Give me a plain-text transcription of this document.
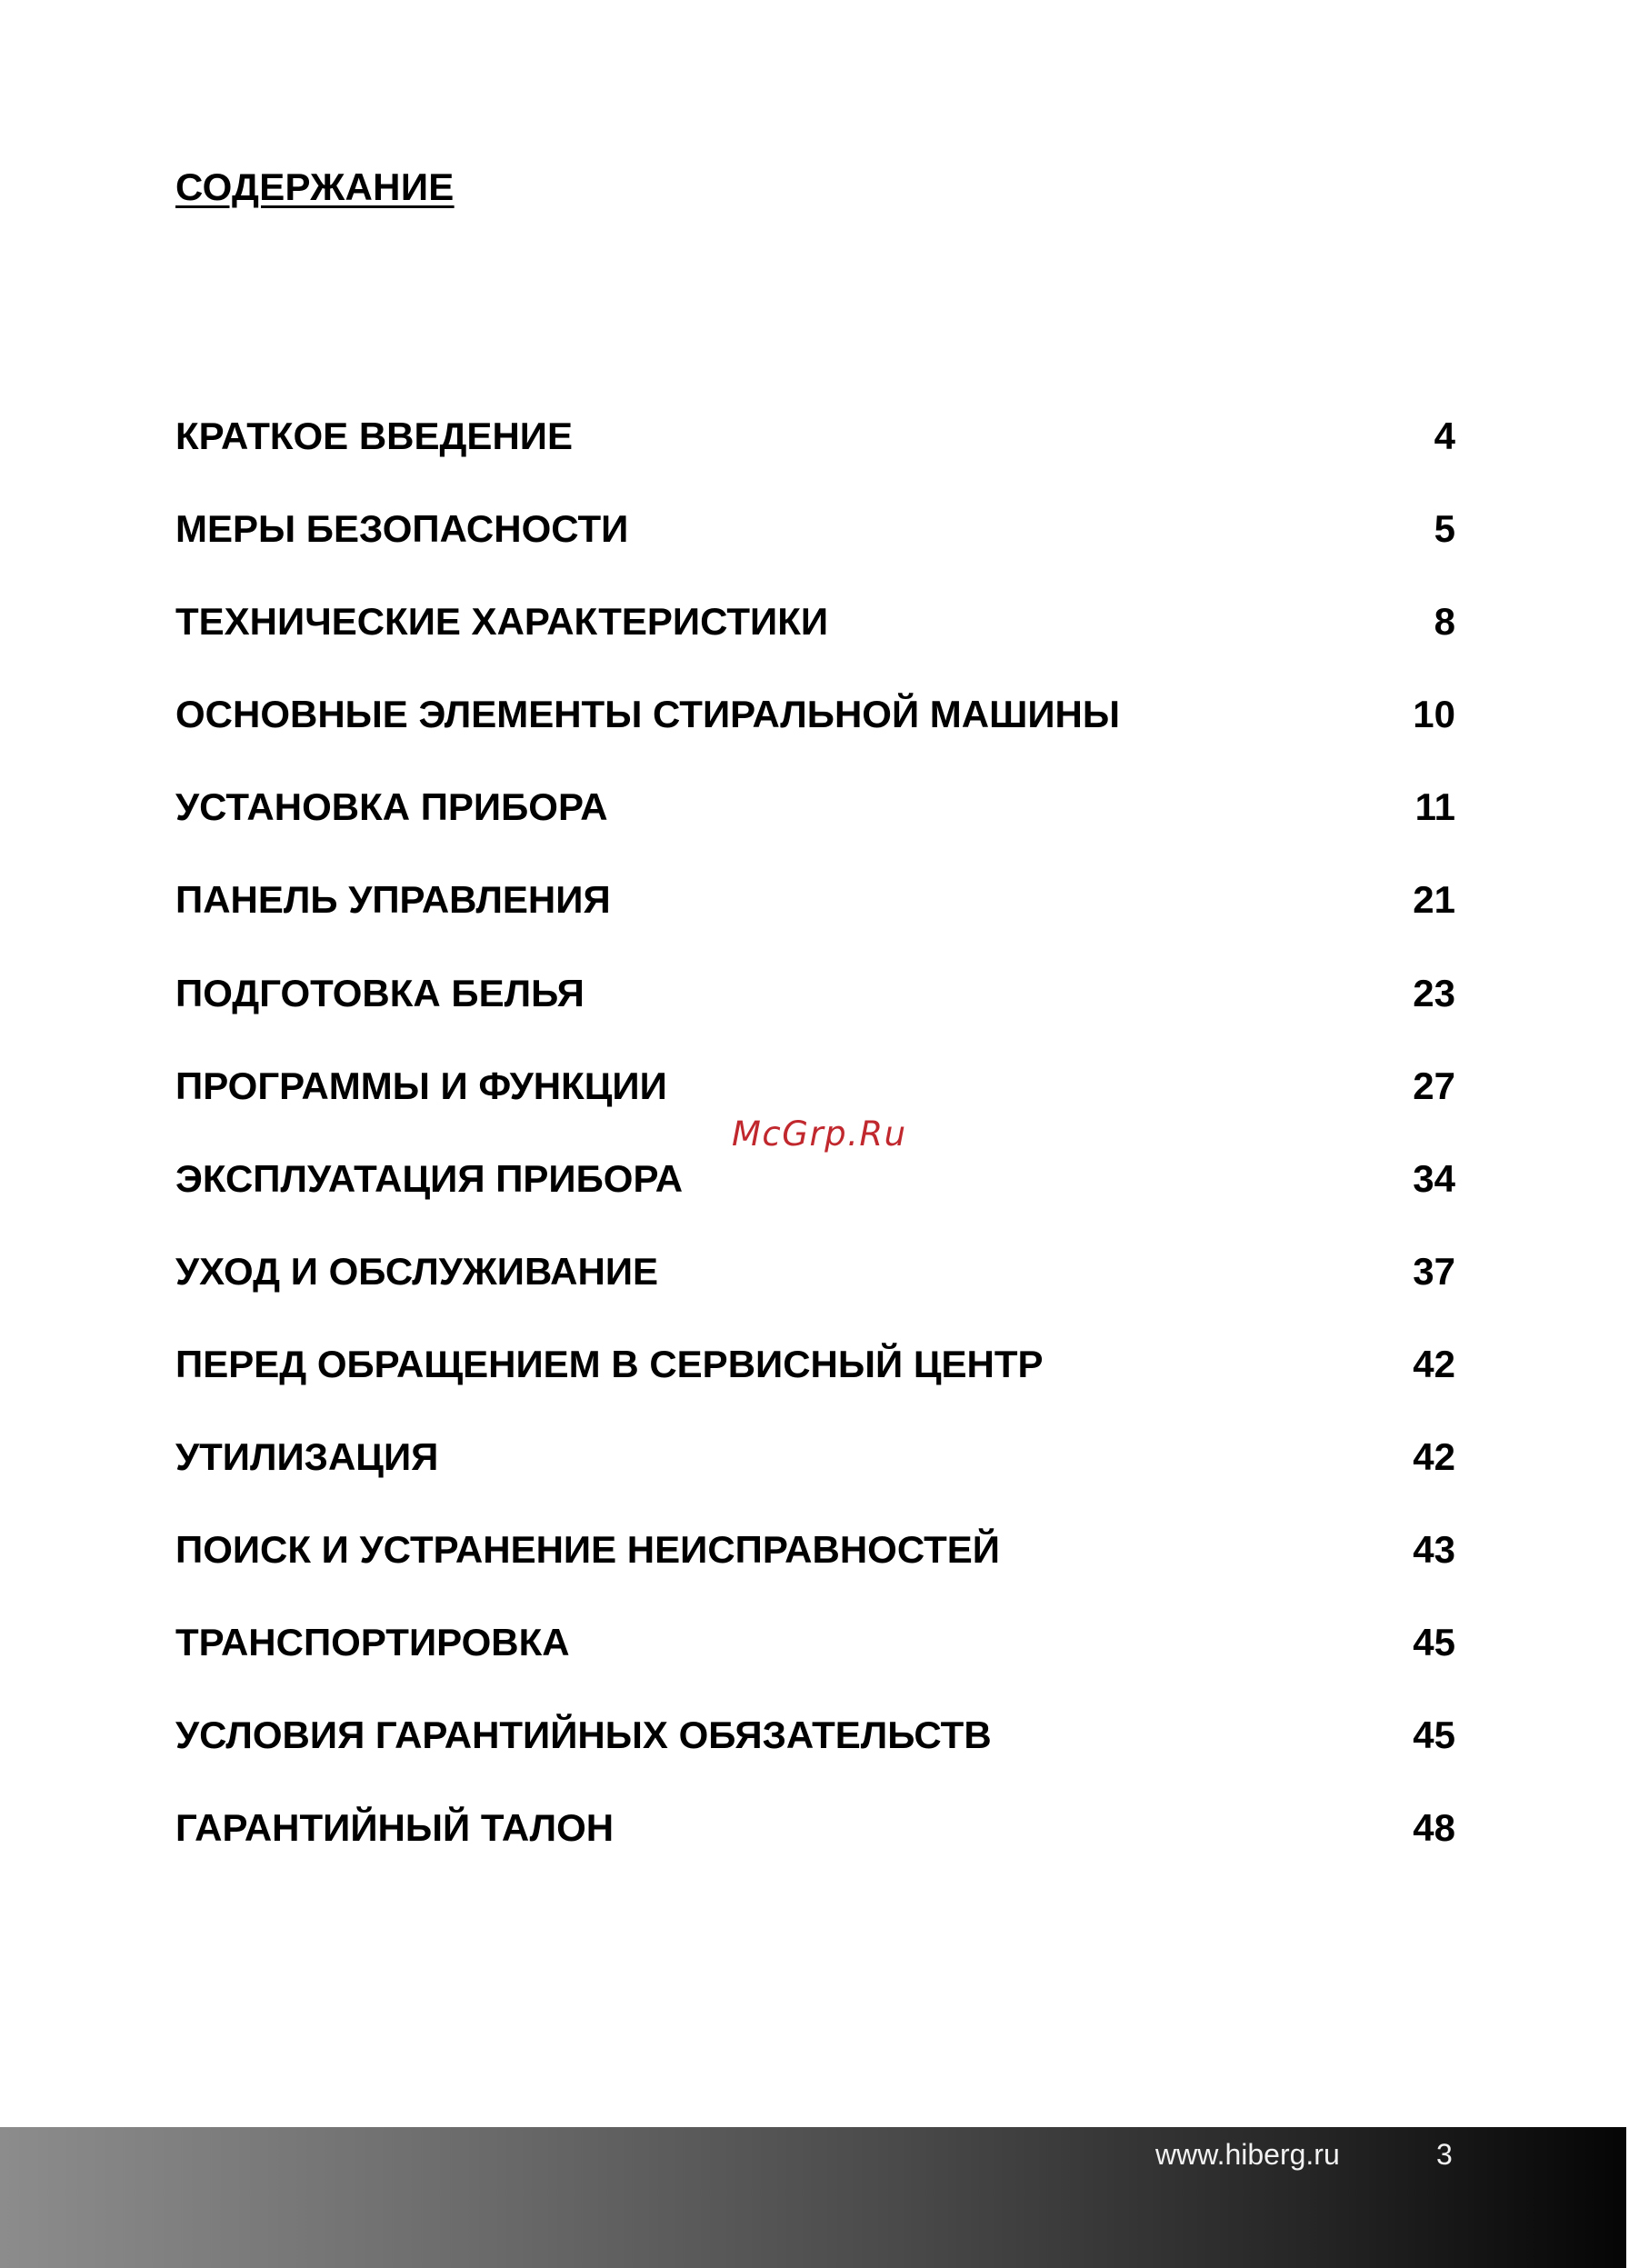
СОДЕРЖАНИЕ
КРАТКОЕ ВВЕДЕНИЕ	4
МЕРЫ БЕЗОПАСНОСТИ	5
ТЕХНИЧЕСКИЕ ХАРАКТЕРИСТИКИ	8
ОСНОВНЫЕ ЭЛЕМЕНТЫ СТИРАЛЬНОЙ МАШИНЫ	10
УСТАНОВКА ПРИБОРА	11
ПАНЕЛЬ УПРАВЛЕНИЯ	21
ПОДГОТОВКА БЕЛЬЯ	23
ПРОГРАММЫ И ФУНКЦИИ	27
ЭКСПЛУАТАЦИЯ ПРИБОРА	34
УХОД И ОБСЛУЖИВАНИЕ	37
ПЕРЕД ОБРАЩЕНИЕМ В СЕРВИСНЫЙ ЦЕНТР	42
УТИЛИЗАЦИЯ	42
ПОИСК И УСТРАНЕНИЕ НЕИСПРАВНОСТЕЙ	43
ТРАНСПОРТИРОВКА	45
УСЛОВИЯ ГАРАНТИЙНЫХ ОБЯЗАТЕЛЬСТВ	45
ГАРАНТИЙНЫЙ ТАЛОН	48
McGrp.Ru
www.hiberg.ru	3
